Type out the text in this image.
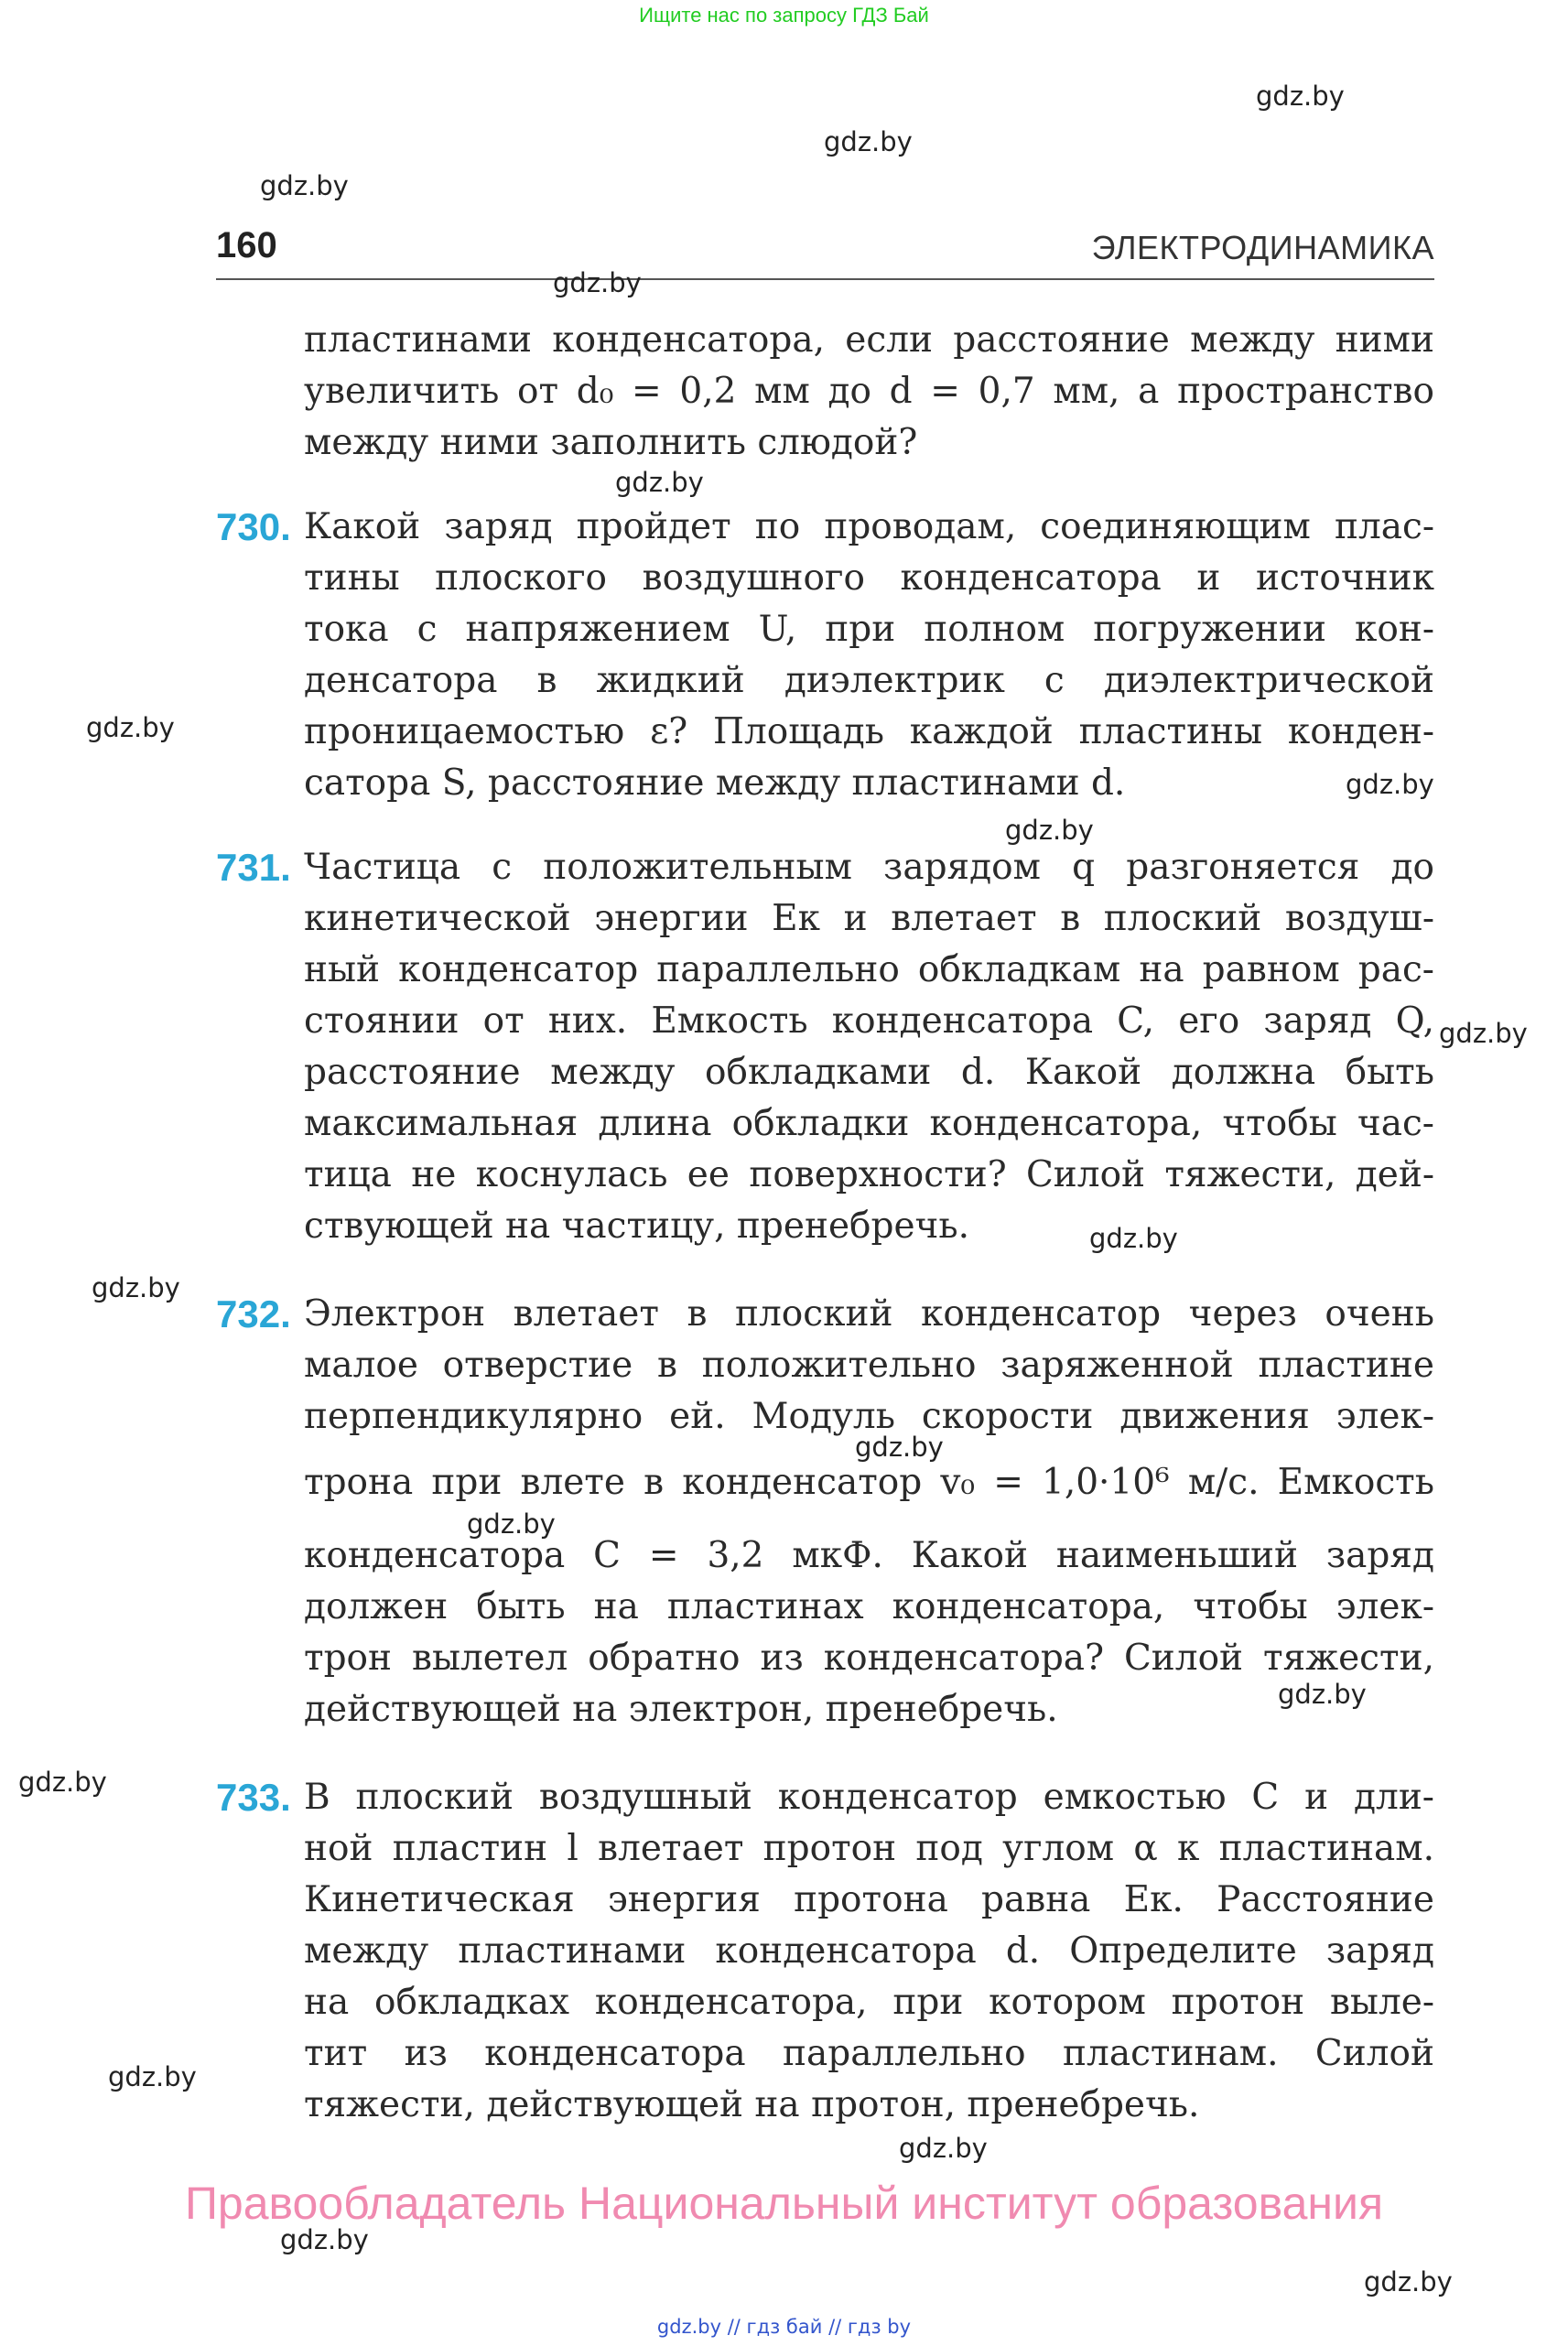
Ищите нас по запросу ГДЗ Бай
160	ЭЛЕКТРОДИНАМИКА
пластинами конденсатора, если расстояние между ними
увеличить от d₀ = 0,2 мм до d = 0,7 мм, а пространство
между ними заполнить слюдой?
730. Какой заряд пройдет по проводам, соединяющим плас-
тины плоского воздушного конденсатора и источник
тока с напряжением U, при полном погружении кон-
денсатора в жидкий диэлектрик с диэлектрической
проницаемостью ε? Площадь каждой пластины конден-
сатора S, расстояние между пластинами d.
731. Частица с положительным зарядом q разгоняется до
кинетической энергии Eк и влетает в плоский воздуш-
ный конденсатор параллельно обкладкам на равном рас-
стоянии от них. Емкость конденсатора C, его заряд Q,
расстояние между обкладками d. Какой должна быть
максимальная длина обкладки конденсатора, чтобы час-
тица не коснулась ее поверхности? Силой тяжести, дей-
ствующей на частицу, пренебречь.
732. Электрон влетает в плоский конденсатор через очень
малое отверстие в положительно заряженной пластине
перпендикулярно ей. Модуль скорости движения элек-
трона при влете в конденсатор v₀ = 1,0·10⁶ м/с. Емкость
конденсатора C = 3,2 мкФ. Какой наименьший заряд
должен быть на пластинах конденсатора, чтобы элек-
трон вылетел обратно из конденсатора? Силой тяжести,
действующей на электрон, пренебречь.
733. В плоский воздушный конденсатор емкостью C и дли-
ной пластин l влетает протон под углом α к пластинам.
Кинетическая энергия протона равна Eк. Расстояние
между пластинами конденсатора d. Определите заряд
на обкладках конденсатора, при котором протон выле-
тит из конденсатора параллельно пластинам. Силой
тяжести, действующей на протон, пренебречь.
gdz.by
gdz.by
gdz.by
gdz.by
gdz.by
gdz.by
gdz.by
gdz.by
gdz.by
gdz.by
gdz.by
gdz.by
gdz.by
gdz.by
gdz.by
gdz.by
gdz.by
gdz.by
gdz.by
Правообладатель Национальный институт образования
gdz.by // гдз бай // гдз by
